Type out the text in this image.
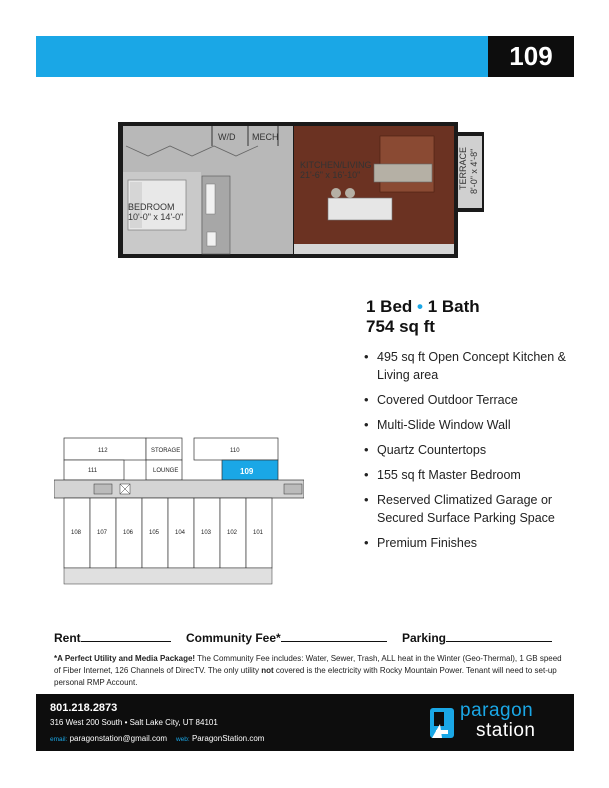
109
W/D MECH
KITCHEN/LIVING
21'-6" x 16'-10"
BEDROOM
10'-0" x 14'-0"
TERRACE 8'-0" x 4'-8"
1 Bed • 1 Bath
754 sq ft
• 495 sq ft Open Concept Kitchen & Living area
• Covered Outdoor Terrace
• Multi-Slide Window Wall
• Quartz Countertops
• 155 sq ft Master Bedroom
• Reserved Climatized Garage or Secured Surface Parking Space
• Premium Finishes
112
111
STORAGE
LOUNGE
110
109
108	107	106	105	104	103	102	101
Rent	Community Fee*	Parking
*A Perfect Utility and Media Package! The Community Fee includes: Water, Sewer, Trash, ALL heat in the Winter (Geo-Thermal), 1 GB speed of Fiber Internet, 126 Channels of DirecTV. The only utility not covered is the electricity with Rocky Mountain Power. Tenant will need to set-up personal RMP Account.
801.218.2873
316 West 200 South • Salt Lake City, UT 84101
email: paragonstation@gmail.com web: ParagonStation.com
paragon
station
